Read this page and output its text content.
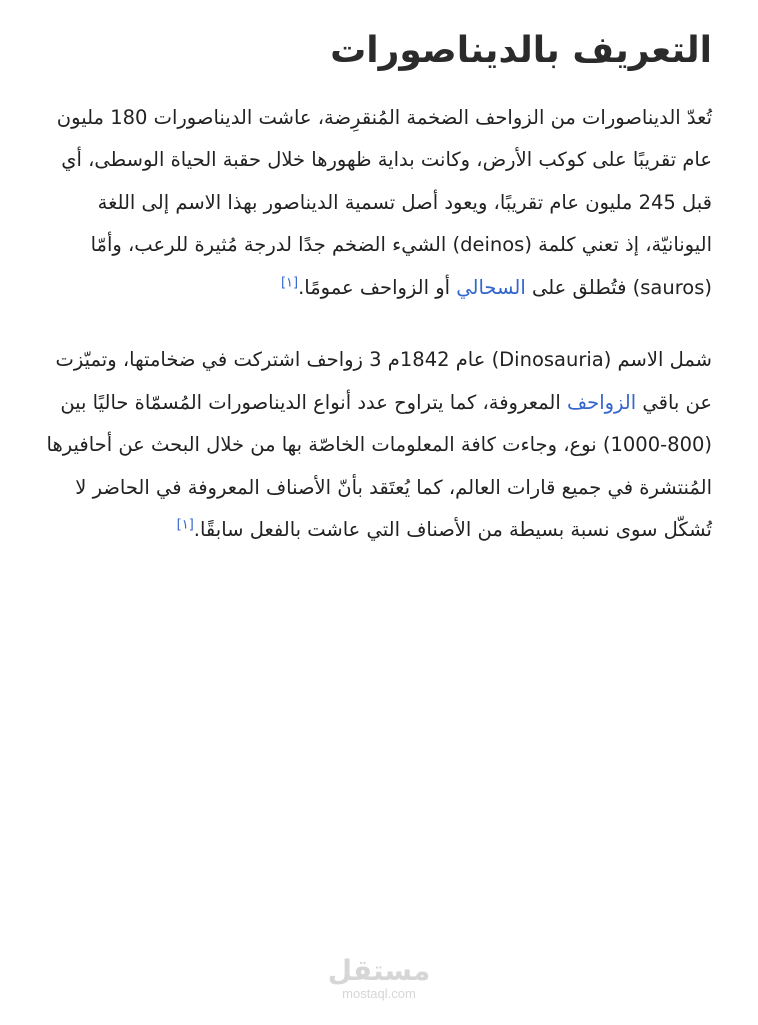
التعريف بالديناصورات

تُعدّ الديناصورات من الزواحف الضخمة المُنقرِضة، عاشت الديناصورات 180 مليون عام تقريبًا على كوكب الأرض، وكانت بداية ظهورها خلال حقبة الحياة الوسطى، أي قبل 245 مليون عام تقريبًا، ويعود أصل تسمية الديناصور بهذا الاسم إلى اللغة اليونانيّة، إذ تعني كلمة (deinos) الشيء الضخم جدًا لدرجة مُثيرة للرعب، وأمّا (sauros) فتُطلق على السحالي أو الزواحف عمومًا.[١]

شمل الاسم (Dinosauria) عام 1842م 3 زواحف اشتركت في ضخامتها، وتميّزت عن باقي الزواحف المعروفة، كما يتراوح عدد أنواع الديناصورات المُسمّاة حاليًا بين (800-1000) نوع، وجاءت كافة المعلومات الخاصّة بها من خلال البحث عن أحافيرها المُنتشرة في جميع قارات العالم، كما يُعتَقد بأنّ الأصناف المعروفة في الحاضر لا تُشكّل سوى نسبة بسيطة من الأصناف التي عاشت بالفعل سابقًا.[١]

مستقل
mostaql.com
